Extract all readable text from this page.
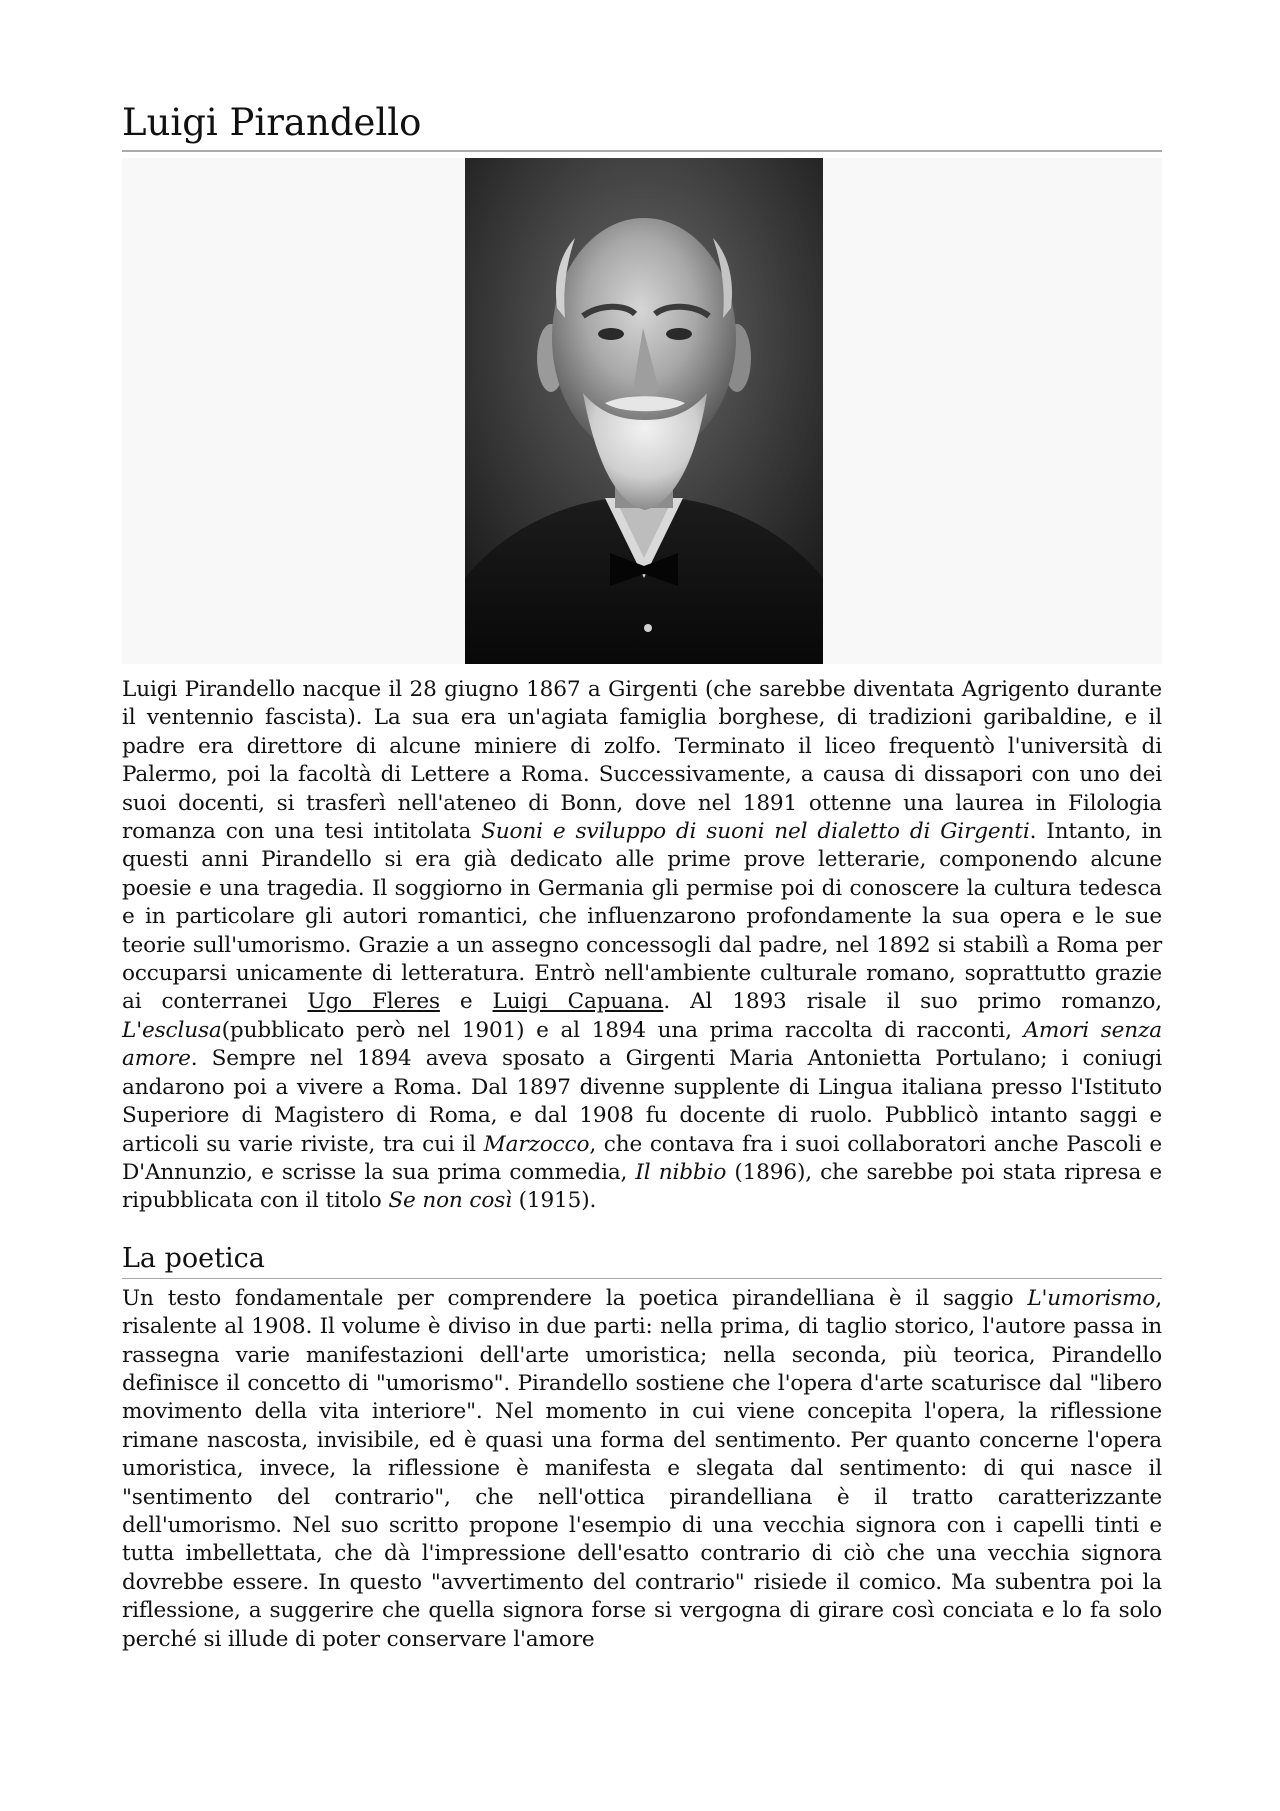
Luigi Pirandello

Luigi Pirandello nacque il 28 giugno 1867 a Girgenti (che sarebbe diventata Agrigento durante il ventennio fascista). La sua era un'agiata famiglia borghese, di tradizioni garibaldine, e il padre era direttore di alcune miniere di zolfo. Terminato il liceo frequentò l'università di Palermo, poi la facoltà di Lettere a Roma. Successivamente, a causa di dissapori con uno dei suoi docenti, si trasferì nell'ateneo di Bonn, dove nel 1891 ottenne una laurea in Filologia romanza con una tesi intitolata Suoni e sviluppo di suoni nel dialetto di Girgenti. Intanto, in questi anni Pirandello si era già dedicato alle prime prove letterarie, componendo alcune poesie e una tragedia. Il soggiorno in Germania gli permise poi di conoscere la cultura tedesca e in particolare gli autori romantici, che influenzarono profondamente la sua opera e le sue teorie sull'umorismo. Grazie a un assegno concessogli dal padre, nel 1892 si stabilì a Roma per occuparsi unicamente di letteratura. Entrò nell'ambiente culturale romano, soprattutto grazie ai conterranei Ugo Fleres e Luigi Capuana. Al 1893 risale il suo primo romanzo, L'esclusa(pubblicato però nel 1901) e al 1894 una prima raccolta di racconti, Amori senza amore. Sempre nel 1894 aveva sposato a Girgenti Maria Antonietta Portulano; i coniugi andarono poi a vivere a Roma. Dal 1897 divenne supplente di Lingua italiana presso l'Istituto Superiore di Magistero di Roma, e dal 1908 fu docente di ruolo. Pubblicò intanto saggi e articoli su varie riviste, tra cui il Marzocco, che contava fra i suoi collaboratori anche Pascoli e D'Annunzio, e scrisse la sua prima commedia, Il nibbio (1896), che sarebbe poi stata ripresa e ripubblicata con il titolo Se non così (1915).

La poetica

Un testo fondamentale per comprendere la poetica pirandelliana è il saggio L'umorismo, risalente al 1908. Il volume è diviso in due parti: nella prima, di taglio storico, l'autore passa in rassegna varie manifestazioni dell'arte umoristica; nella seconda, più teorica, Pirandello definisce il concetto di "umorismo". Pirandello sostiene che l'opera d'arte scaturisce dal "libero movimento della vita interiore". Nel momento in cui viene concepita l'opera, la riflessione rimane nascosta, invisibile, ed è quasi una forma del sentimento. Per quanto concerne l'opera umoristica, invece, la riflessione è manifesta e slegata dal sentimento: di qui nasce il "sentimento del contrario", che nell'ottica pirandelliana è il tratto caratterizzante dell'umorismo. Nel suo scritto propone l'esempio di una vecchia signora con i capelli tinti e tutta imbellettata, che dà l'impressione dell'esatto contrario di ciò che una vecchia signora dovrebbe essere. In questo "avvertimento del contrario" risiede il comico. Ma subentra poi la riflessione, a suggerire che quella signora forse si vergogna di girare così conciata e lo fa solo perché si illude di poter conservare l'amore
